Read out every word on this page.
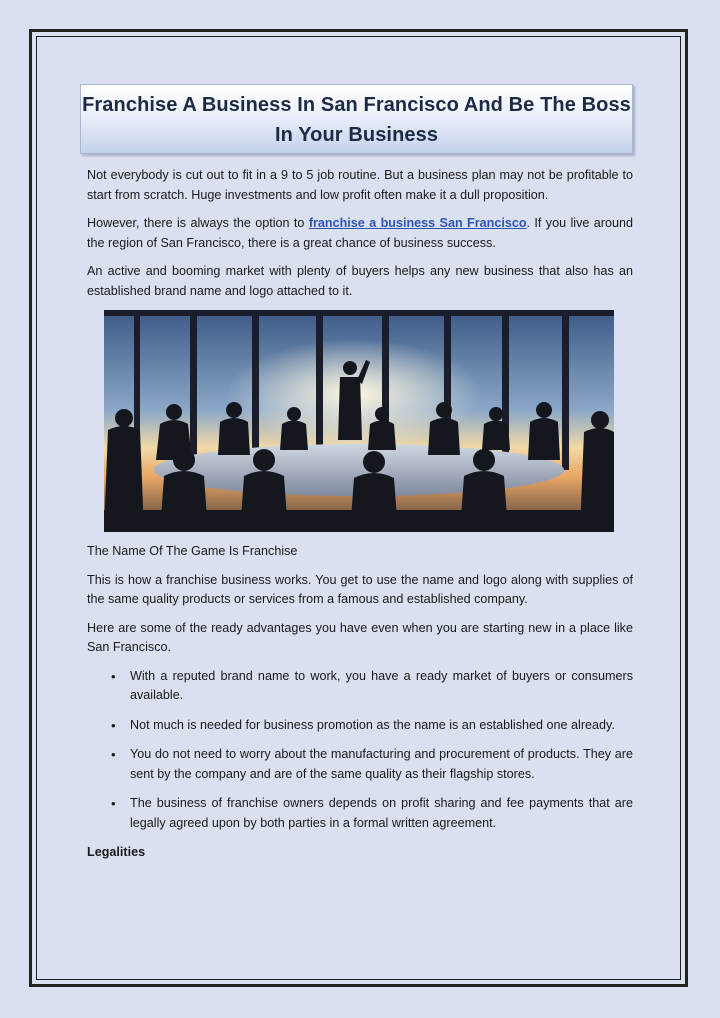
Franchise A Business In San Francisco And Be The Boss In Your Business

Not everybody is cut out to fit in a 9 to 5 job routine. But a business plan may not be profitable to start from scratch. Huge investments and low profit often make it a dull proposition.

However, there is always the option to franchise a business San Francisco. If you live around the region of San Francisco, there is a great chance of business success.

An active and booming market with plenty of buyers helps any new business that also has an established brand name and logo attached to it.

The Name Of The Game Is Franchise

This is how a franchise business works. You get to use the name and logo along with supplies of the same quality products or services from a famous and established company.

Here are some of the ready advantages you have even when you are starting new in a place like San Francisco.

• With a reputed brand name to work, you have a ready market of buyers or consumers available.
• Not much is needed for business promotion as the name is an established one already.
• You do not need to worry about the manufacturing and procurement of products. They are sent by the company and are of the same quality as their flagship stores.
• The business of franchise owners depends on profit sharing and fee payments that are legally agreed upon by both parties in a formal written agreement.

Legalities
